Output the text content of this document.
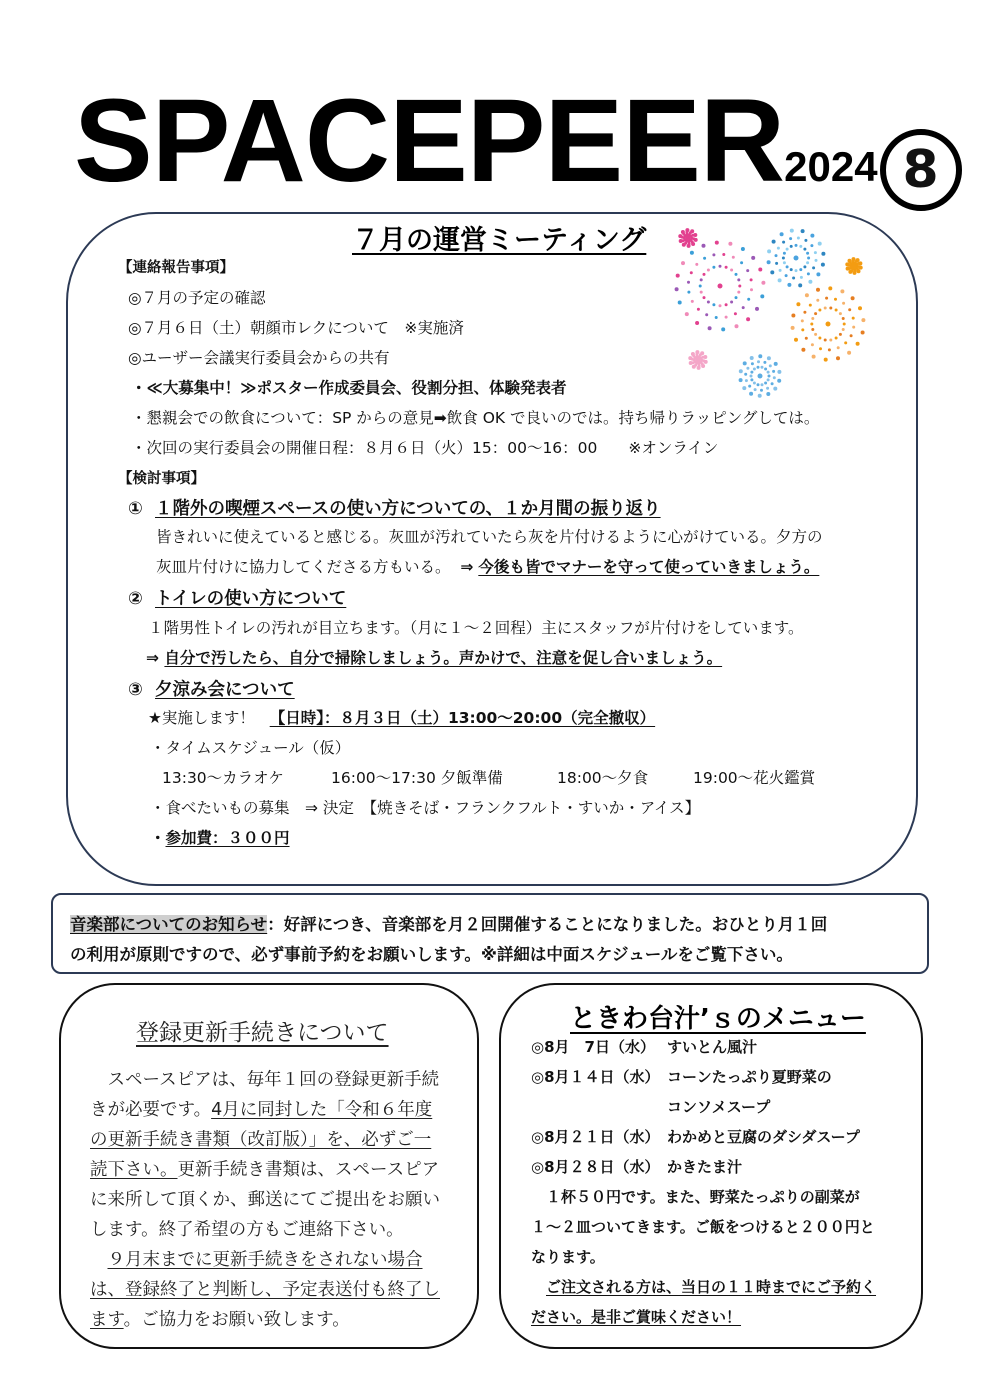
SPACEPEER2024 8
７月の運営ミーティング
【連絡報告事項】
◎７月の予定の確認
◎７月６日（土）朝顔市レクについて　※実施済
◎ユーザー会議実行委員会からの共有
・≪大募集中！≫ポスター作成委員会、役割分担、体験発表者
・懇親会での飲食について：SP からの意見➡飲食 OK で良いのでは。持ち帰りラッピングしては。
・次回の実行委員会の開催日程：８月６日（火）15：00～16：00　　※オンライン
【検討事項】
① １階外の喫煙スペースの使い方についての、１か月間の振り返り
皆きれいに使えていると感じる。灰皿が汚れていたら灰を片付けるように心がけている。夕方の
灰皿片付けに協力してくださる方もいる。 ⇒ 今後も皆でマナーを守って使っていきましょう。
② トイレの使い方について
１階男性トイレの汚れが目立ちます。（月に１～２回程）主にスタッフが片付けをしています。
⇒ 自分で汚したら、自分で掃除しましょう。声かけで、注意を促し合いましょう。
③ 夕涼み会について
★実施します！ 【日時】：８月３日（土）13:00～20:00（完全撤収）
・タイムスケジュール（仮）
13:30～カラオケ	16:00～17:30 夕飯準備	18:00～夕食	19:00～花火鑑賞
・食べたいもの募集　⇒ 決定　【焼きそば・フランクフルト・すいか・アイス】
・参加費：３００円
音楽部についてのお知らせ：好評につき、音楽部を月２回開催することになりました。おひとり月１回
の利用が原則ですので、必ず事前予約をお願いします。※詳細は中面スケジュールをご覧下さい。
登録更新手続きについて
　スペースピアは、毎年１回の登録更新手続
きが必要です。4月に同封した「令和６年度
の更新手続き書類（改訂版）」を、必ずご一
読下さい。更新手続き書類は、スペースピア
に来所して頂くか、郵送にてご提出をお願い
します。終了希望の方もご連絡下さい。
　９月末までに更新手続きをされない場合
は、登録終了と判断し、予定表送付も終了し
ます。ご協力をお願い致します。
ときわ台汁’ｓのメニュー
◎8月　7日（水） すいとん風汁
◎8月１４日（水） コーンたっぷり夏野菜の
コンソメスープ
◎8月２１日（水） わかめと豆腐のダシダスープ
◎8月２８日（水） かきたま汁
１杯５０円です。また、野菜たっぷりの副菜が
１～２皿ついてきます。ご飯をつけると２００円と
なります。
ご注文される方は、当日の１１時までにご予約く
ださい。是非ご賞味ください！
